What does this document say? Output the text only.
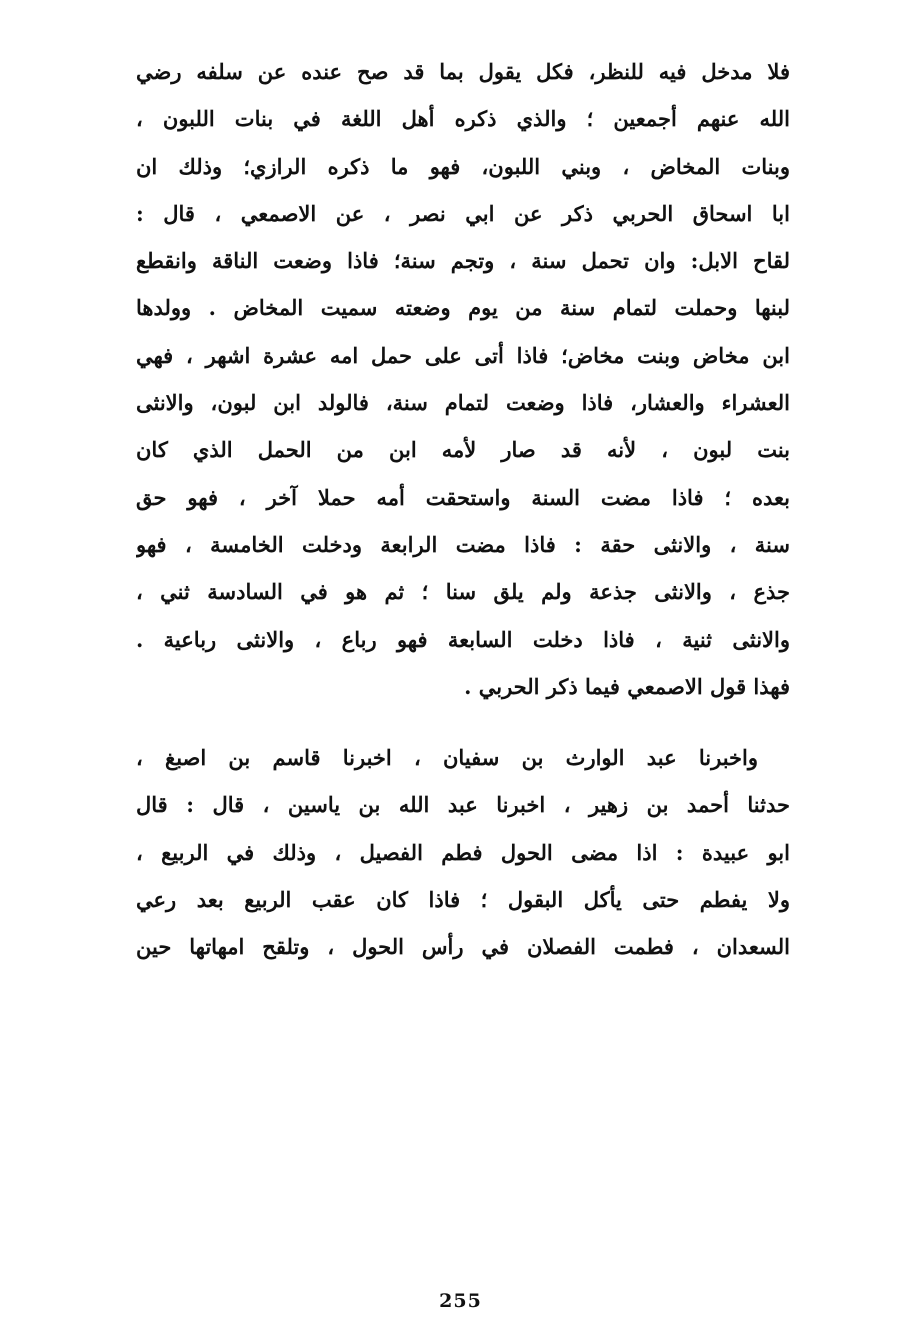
فلا مدخل فيه للنظر، فكل يقول بما قد صح عنده عن سلفه رضي
الله عنهم أجمعين ؛ والذي ذكره أهل اللغة في بنات اللبون ،
وبنات المخاض ، وبني اللبون، فهو ما ذكره الرازي؛ وذلك ان
ابا اسحاق الحربي ذكر عن ابي نصر ، عن الاصمعي ، قال :
لقاح الابل: وان تحمل سنة ، وتجم سنة؛ فاذا وضعت الناقة وانقطع
لبنها وحملت لتمام سنة من يوم وضعته سميت المخاض . وولدها
ابن مخاض وبنت مخاض؛ فاذا أتى على حمل امه عشرة اشهر ، فهي
العشراء والعشار، فاذا وضعت لتمام سنة، فالولد ابن لبون، والانثى
بنت لبون ، لأنه قد صار لأمه ابن من الحمل الذي كان
بعده ؛ فاذا مضت السنة واستحقت أمه حملا آخر ، فهو حق
سنة ، والانثى حقة : فاذا مضت الرابعة ودخلت الخامسة ، فهو
جذع ، والانثى جذعة ولم يلق سنا ؛ ثم هو في السادسة ثني ،
والانثى ثنية ، فاذا دخلت السابعة فهو رباع ، والانثى رباعية .
فهذا قول الاصمعي فيما ذكر الحربي .
واخبرنا عبد الوارث بن سفيان ، اخبرنا قاسم بن اصبغ ،
حدثنا أحمد بن زهير ، اخبرنا عبد الله بن ياسين ، قال : قال
ابو عبيدة : اذا مضى الحول فطم الفصيل ، وذلك في الربيع ،
ولا يفطم حتى يأكل البقول ؛ فاذا كان عقب الربيع بعد رعي
السعدان ، فطمت الفصلان في رأس الحول ، وتلقح امهاتها حين
255
